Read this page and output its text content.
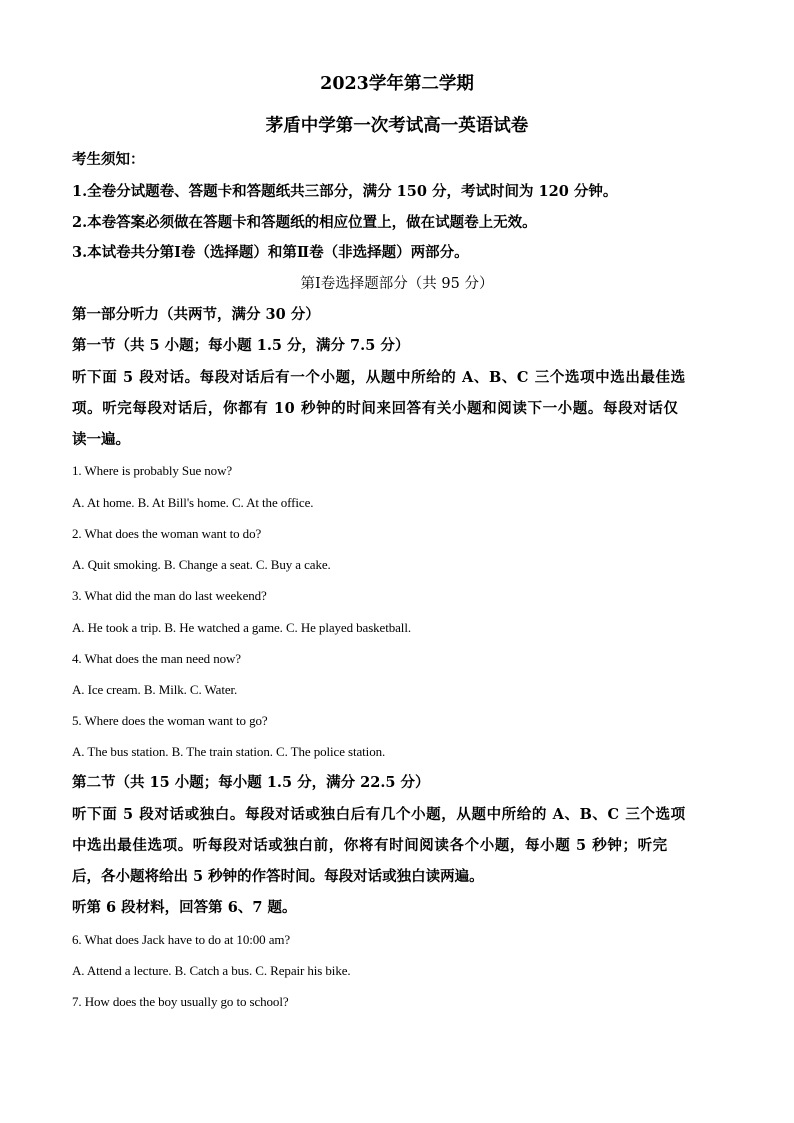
2023学年第二学期
茅盾中学第一次考试高一英语试卷
考生须知：
1.全卷分试题卷、答题卡和答题纸共三部分，满分 150 分，考试时间为 120 分钟。
2.本卷答案必须做在答题卡和答题纸的相应位置上，做在试题卷上无效。
3.本试卷共分第Ⅰ卷（选择题）和第Ⅱ卷（非选择题）两部分。
第Ⅰ卷选择题部分（共 95 分）
第一部分听力（共两节，满分 30 分）
第一节（共 5 小题；每小题 1.5 分，满分 7.5 分）
听下面 5 段对话。每段对话后有一个小题，从题中所给的 A、B、C 三个选项中选出最佳选
项。听完每段对话后，你都有 10 秒钟的时间来回答有关小题和阅读下一小题。每段对话仅
读一遍。
1. Where is probably Sue now?
A. At home. B. At Bill's home. C. At the office.
2. What does the woman want to do?
A. Quit smoking. B. Change a seat. C. Buy a cake.
3. What did the man do last weekend?
A. He took a trip. B. He watched a game. C. He played basketball.
4. What does the man need now?
A. Ice cream. B. Milk. C. Water.
5. Where does the woman want to go?
A. The bus station. B. The train station. C. The police station.
第二节（共 15 小题；每小题 1.5 分，满分 22.5 分）
听下面 5 段对话或独白。每段对话或独白后有几个小题，从题中所给的 A、B、C 三个选项
中选出最佳选项。听每段对话或独白前，你将有时间阅读各个小题，每小题 5 秒钟；听完
后，各小题将给出 5 秒钟的作答时间。每段对话或独白读两遍。
听第 6 段材料，回答第 6、7 题。
6. What does Jack have to do at 10:00 am?
A. Attend a lecture. B. Catch a bus. C. Repair his bike.
7. How does the boy usually go to school?
